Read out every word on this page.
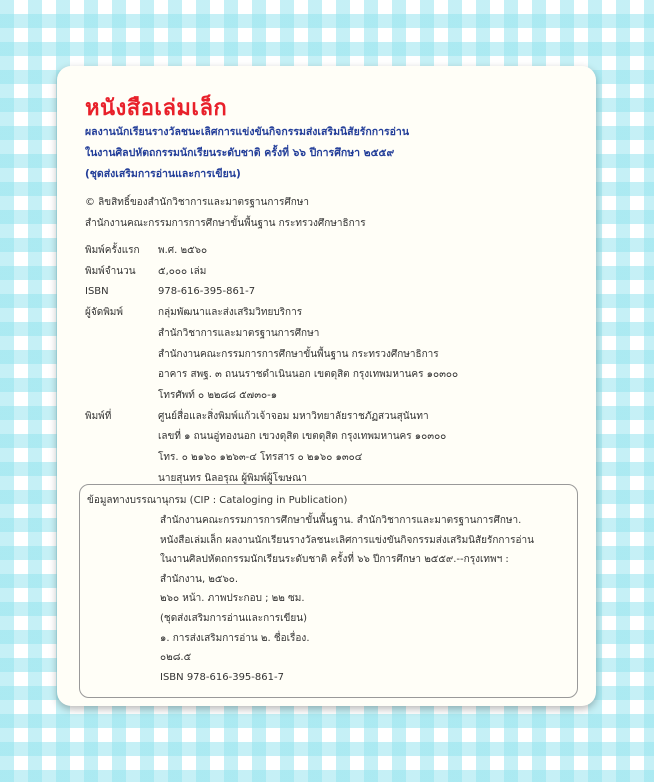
หนังสือเล่มเล็ก
ผลงานนักเรียนรางวัลชนะเลิศการแข่งขันกิจกรรมส่งเสริมนิสัยรักการอ่าน
ในงานศิลปหัตถกรรมนักเรียนระดับชาติ ครั้งที่ ๖๖ ปีการศึกษา ๒๕๕๙
(ชุดส่งเสริมการอ่านและการเขียน)
© ลิขสิทธิ์ของสำนักวิชาการและมาตรฐานการศึกษา
สำนักงานคณะกรรมการการศึกษาขั้นพื้นฐาน กระทรวงศึกษาธิการ
พิมพ์ครั้งแรก	พ.ศ. ๒๕๖๐
พิมพ์จำนวน	๕,๐๐๐ เล่ม
ISBN	978-616-395-861-7
ผู้จัดพิมพ์	กลุ่มพัฒนาและส่งเสริมวิทยบริการ
สำนักวิชาการและมาตรฐานการศึกษา
สำนักงานคณะกรรมการการศึกษาขั้นพื้นฐาน กระทรวงศึกษาธิการ
อาคาร สพฐ. ๓ ถนนราชดำเนินนอก เขตดุสิต กรุงเทพมหานคร ๑๐๓๐๐
โทรศัพท์ ๐ ๒๒๘๘ ๕๗๓๐-๑
พิมพ์ที่	ศูนย์สื่อและสิ่งพิมพ์แก้วเจ้าจอม มหาวิทยาลัยราชภัฏสวนสุนันทา
เลขที่ ๑ ถนนอู่ทองนอก เขวงดุสิต เขตดุสิต กรุงเทพมหานคร ๑๐๓๐๐
โทร. ๐ ๒๑๖๐ ๑๒๖๓-๔ โทรสาร ๐ ๒๑๖๐ ๑๓๐๔
นายสุนทร นิลอรุณ ผู้พิมพ์ผู้โฆษณา
ข้อมูลทางบรรณานุกรม (CIP : Cataloging in Publication)
สำนักงานคณะกรรมการการศึกษาขั้นพื้นฐาน. สำนักวิชาการและมาตรฐานการศึกษา.
หนังสือเล่มเล็ก ผลงานนักเรียนรางวัลชนะเลิศการแข่งขันกิจกรรมส่งเสริมนิสัยรักการอ่าน
ในงานศิลปหัตถกรรมนักเรียนระดับชาติ ครั้งที่ ๖๖ ปีการศึกษา ๒๕๕๙.--กรุงเทพฯ :
สำนักงาน, ๒๕๖๐.
๒๖๐ หน้า. ภาพประกอบ ; ๒๒ ซม.
(ชุดส่งเสริมการอ่านและการเขียน)
๑. การส่งเสริมการอ่าน ๒. ชื่อเรื่อง.
๐๒๘.๕
ISBN 978-616-395-861-7
